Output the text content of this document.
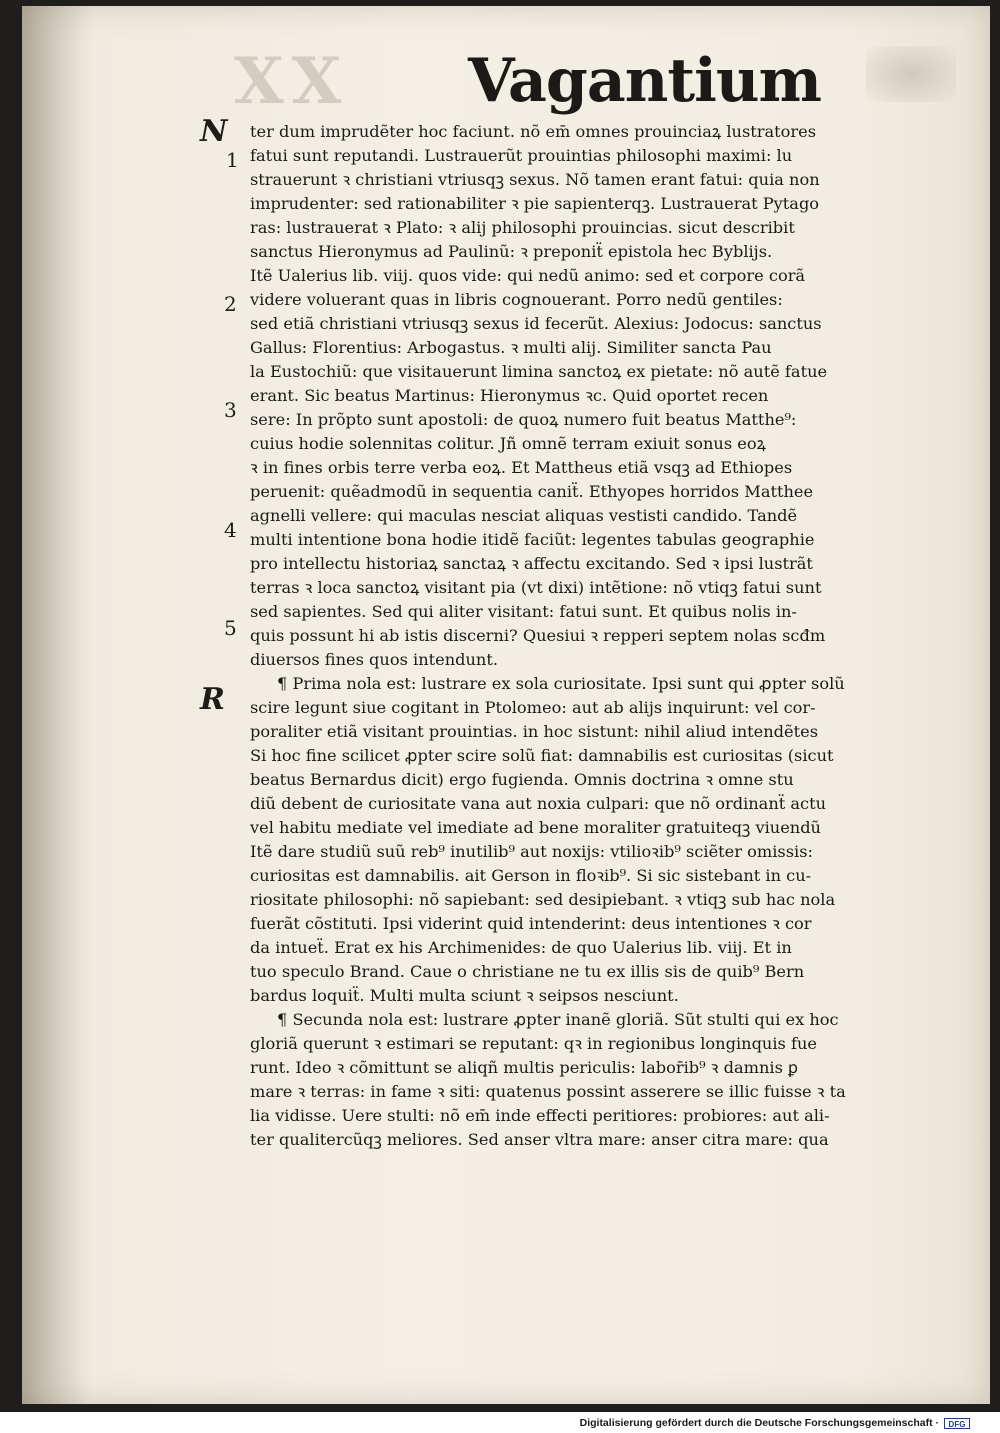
XX Vagantium
N
1
2
3
4
5
R
ter dum imprudẽter hoc faciunt. nõ em̄ omnes prouinciaꝝ lustratores
fatui sunt reputandi. Lustrauerũt prouintias philosophi maximi: lu
strauerunt ꝛ christiani vtriusqꝫ sexus. Nõ tamen erant fatui: quia non
imprudenter: sed rationabiliter ꝛ pie sapienterqꝫ. Lustrauerat Pytago
ras: lustrauerat ꝛ Plato: ꝛ alij philosophi prouincias. sicut describit
sanctus Hieronymus ad Paulinũ: ꝛ preponiẗ epistola hec Byblijs.
Itẽ Ualerius lib. viij. quos vide: qui nedũ animo: sed et corpore corã
videre voluerant quas in libris cognouerant. Porro nedũ gentiles:
sed etiã christiani vtriusqꝫ sexus id fecerũt. Alexius: Jodocus: sanctus
Gallus: Florentius: Arbogastus. ꝛ multi alij. Similiter sancta Pau
la Eustochiũ: que visitauerunt limina sanctoꝝ ex pietate: nõ autẽ fatue
erant. Sic beatus Martinus: Hieronymus ꝛc. Quid oportet recen
sere: In prõpto sunt apostoli: de quoꝝ numero fuit beatus Matthe⁹:
cuius hodie solennitas colitur. Jñ omnẽ terram exiuit sonus eoꝝ
ꝛ in fines orbis terre verba eoꝝ. Et Mattheus etiã vsqꝫ ad Ethiopes
peruenit: quẽadmodũ in sequentia caniẗ. Ethyopes horridos Matthee
agnelli vellere: qui maculas nesciat aliquas vestisti candido. Tandẽ
multi intentione bona hodie itidẽ faciũt: legentes tabulas geographie
pro intellectu historiaꝝ sanctaꝝ ꝛ affectu excitando. Sed ꝛ ipsi lustrãt
terras ꝛ loca sanctoꝝ visitant pia (vt dixi) intẽtione: nõ vtiqꝫ fatui sunt
sed sapientes. Sed qui aliter visitant: fatui sunt. Et quibus nolis in-
quis possunt hi ab istis discerni? Quesiui ꝛ repperi septem nolas scđm
diuersos fines quos intendunt.
¶ Prima nola est: lustrare ex sola curiositate. Ipsi sunt qui ꝓpter solũ
scire legunt siue cogitant in Ptolomeo: aut ab alijs inquirunt: vel cor-
poraliter etiã visitant prouintias. in hoc sistunt: nihil aliud intendẽtes
Si hoc fine scilicet ꝓpter scire solũ fiat: damnabilis est curiositas (sicut
beatus Bernardus dicit) ergo fugienda. Omnis doctrina ꝛ omne stu
diũ debent de curiositate vana aut noxia culpari: que nõ ordinanẗ actu
vel habitu mediate vel imediate ad bene moraliter gratuiteqꝫ viuendũ
Itẽ dare studiũ suũ reb⁹ inutilib⁹ aut noxijs: vtilioꝛib⁹ sciẽter omissis:
curiositas est damnabilis. ait Gerson in floꝛib⁹. Si sic sistebant in cu-
riositate philosophi: nõ sapiebant: sed desipiebant. ꝛ vtiqꝫ sub hac nola
fuerãt cõstituti. Ipsi viderint quid intenderint: deus intentiones ꝛ cor
da intueẗ. Erat ex his Archimenides: de quo Ualerius lib. viij. Et in
tuo speculo Brand. Caue o christiane ne tu ex illis sis de quib⁹ Bern
bardus loquiẗ. Multi multa sciunt ꝛ seipsos nesciunt.
¶ Secunda nola est: lustrare ꝓpter inanẽ gloriã. Sũt stulti qui ex hoc
gloriã querunt ꝛ estimari se reputant: qꝛ in regionibus longinquis fue
runt. Ideo ꝛ cõmittunt se aliqñ multis periculis: labor̄ib⁹ ꝛ damnis ꝑ
mare ꝛ terras: in fame ꝛ siti: quatenus possint asserere se illic fuisse ꝛ ta
lia vidisse. Uere stulti: nõ em̄ inde effecti peritiores: probiores: aut ali-
ter qualitercũqꝫ meliores. Sed anser vltra mare: anser citra mare: qua
Digitalisierung gefördert durch die Deutsche Forschungsgemeinschaft ·	DFG
